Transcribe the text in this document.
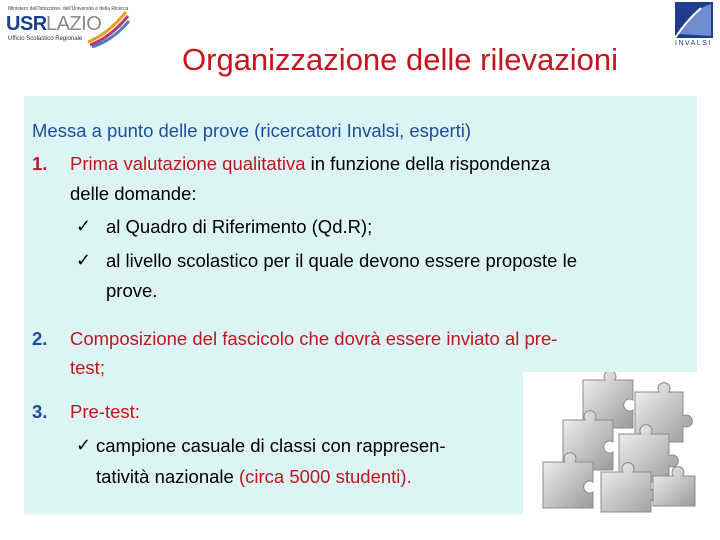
Ministero dell'Istruzione, dell'Università e della Ricerca
USR LAZIO
Ufficio Scolastico Regionale
INVALSI
Organizzazione delle rilevazioni
Messa a punto delle prove (ricercatori Invalsi, esperti)
1. Prima valutazione qualitativa in funzione della rispondenza
delle domande:
✓ al Quadro di Riferimento (Qd.R);
✓ al livello scolastico per il quale devono essere proposte le
prove.
2. Composizione del fascicolo che dovrà essere inviato al pre-
test;
3. Pre-test:
✓ campione casuale di classi con rappresen-
tatività nazionale (circa 5000 studenti).
